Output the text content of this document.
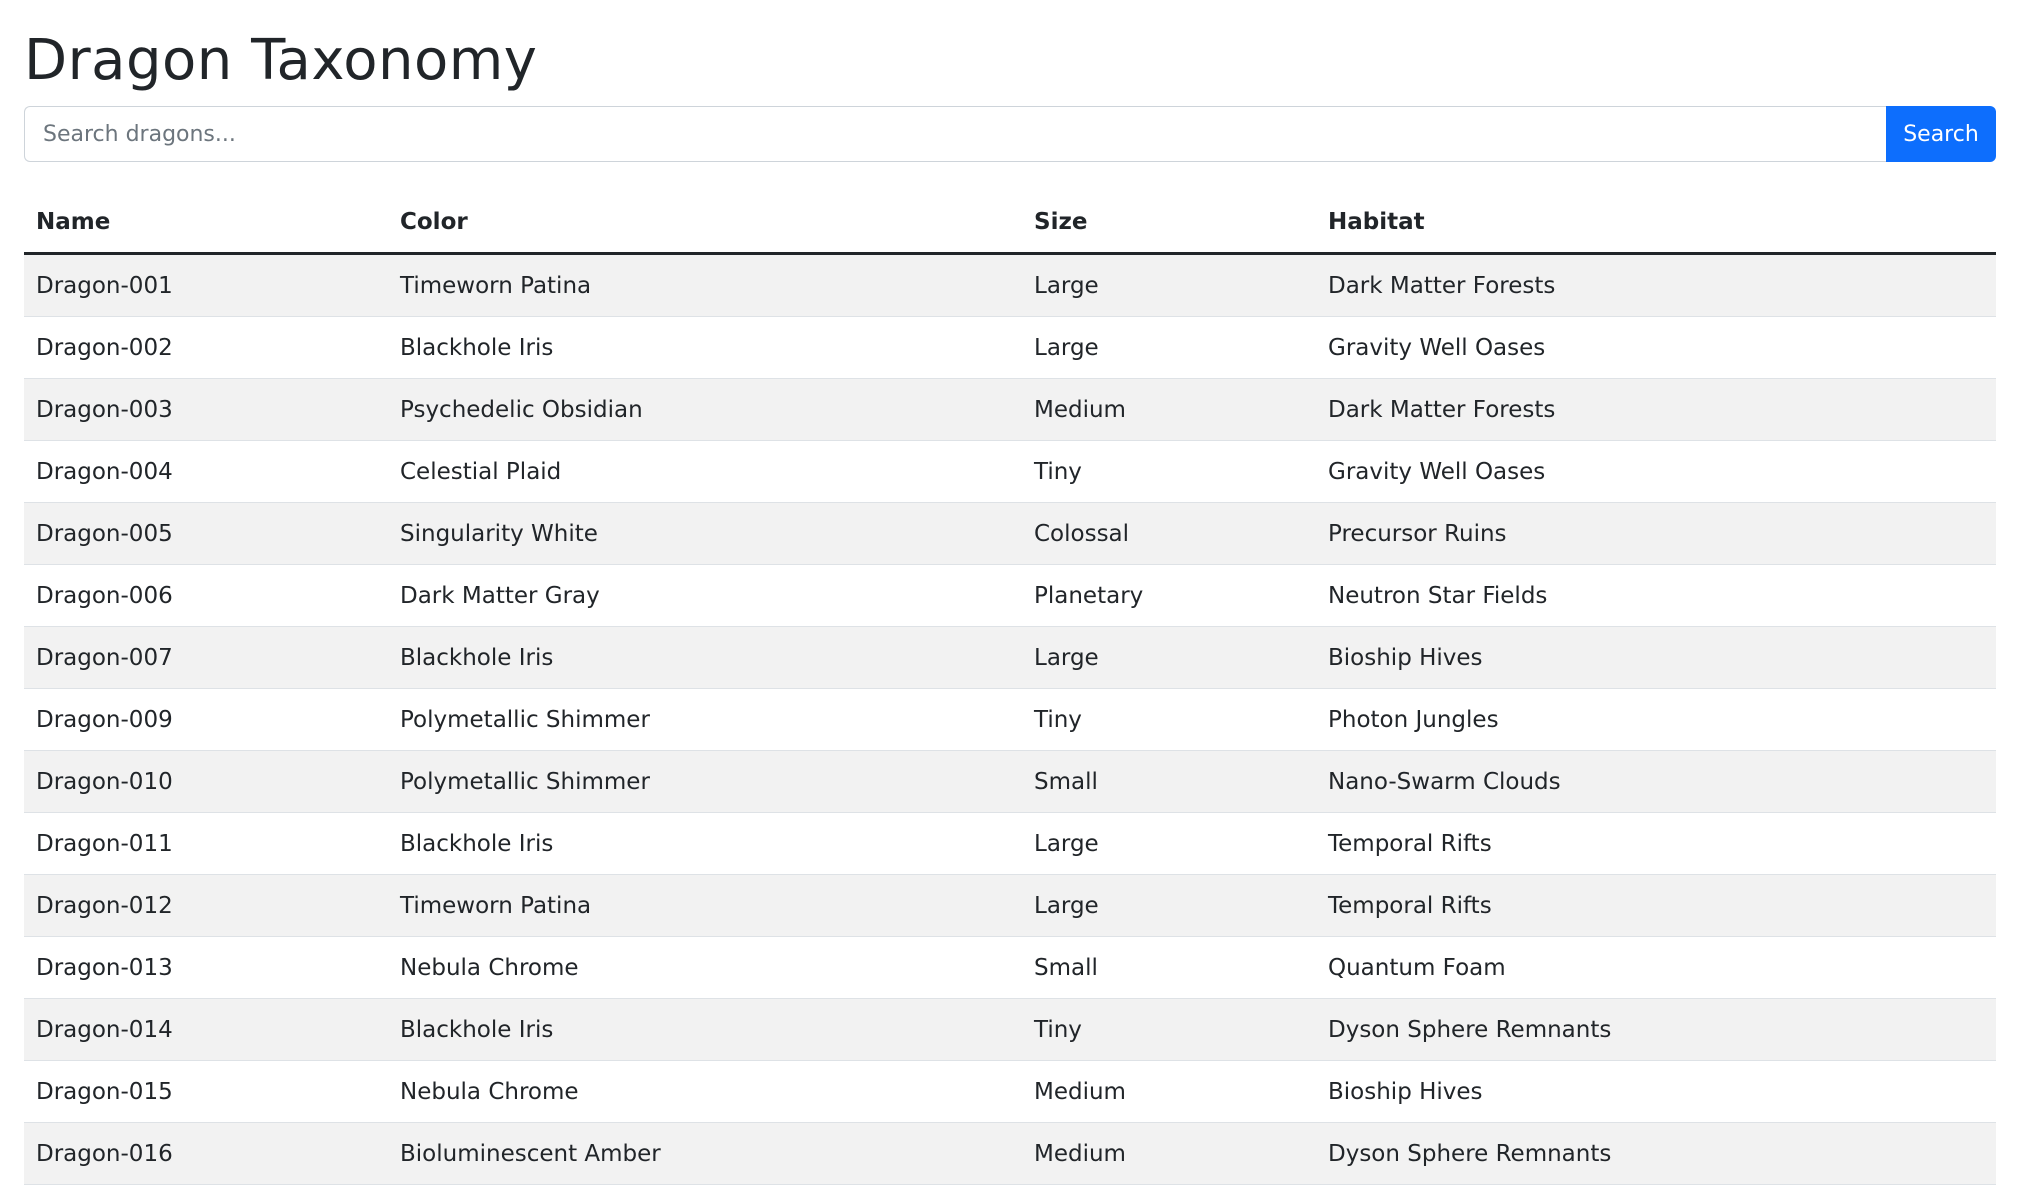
Dragon Taxonomy
Search dragons...
Search
Name	Color	Size	Habitat
Dragon-001	Timeworn Patina	Large	Dark Matter Forests
Dragon-002	Blackhole Iris	Large	Gravity Well Oases
Dragon-003	Psychedelic Obsidian	Medium	Dark Matter Forests
Dragon-004	Celestial Plaid	Tiny	Gravity Well Oases
Dragon-005	Singularity White	Colossal	Precursor Ruins
Dragon-006	Dark Matter Gray	Planetary	Neutron Star Fields
Dragon-007	Blackhole Iris	Large	Bioship Hives
Dragon-009	Polymetallic Shimmer	Tiny	Photon Jungles
Dragon-010	Polymetallic Shimmer	Small	Nano-Swarm Clouds
Dragon-011	Blackhole Iris	Large	Temporal Rifts
Dragon-012	Timeworn Patina	Large	Temporal Rifts
Dragon-013	Nebula Chrome	Small	Quantum Foam
Dragon-014	Blackhole Iris	Tiny	Dyson Sphere Remnants
Dragon-015	Nebula Chrome	Medium	Bioship Hives
Dragon-016	Bioluminescent Amber	Medium	Dyson Sphere Remnants
